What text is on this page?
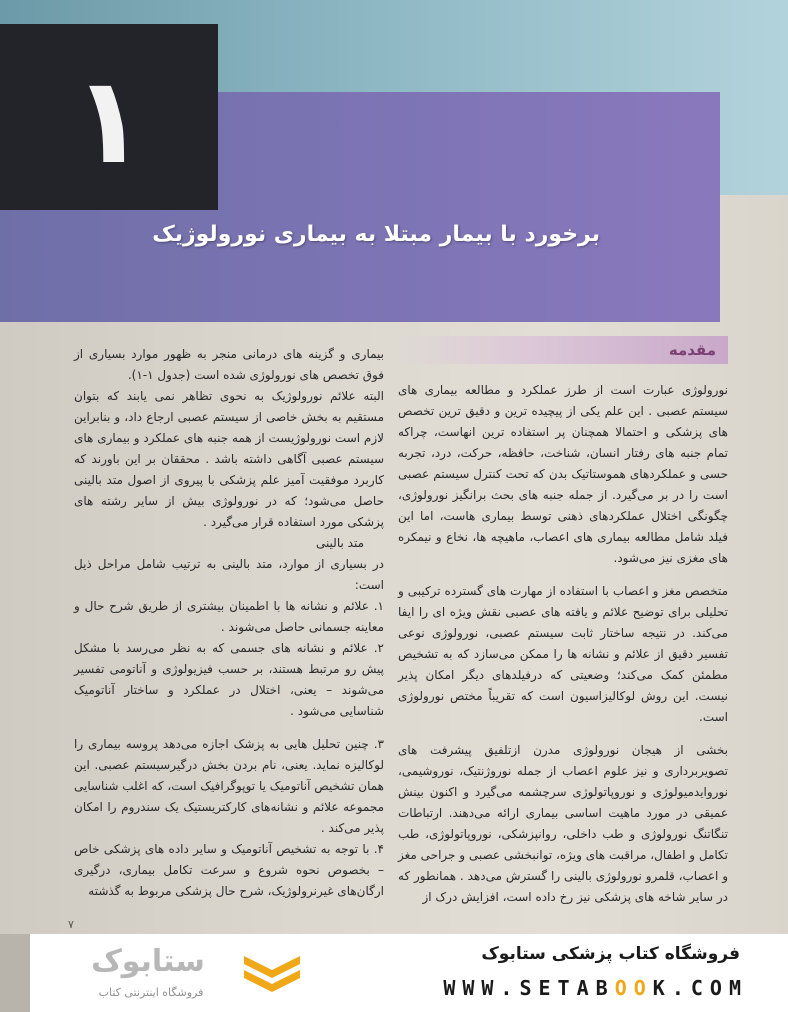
۱
برخورد با بیمار مبتلا به بیماری نورولوژیک
مقدمه

نورولوژی عبارت است از طرز عملکرد و مطالعه بیماری های سیستم عصبی . این علم یکی از پیچیده ترین و دقیق ترین تخصص های پزشکی و احتمالا همچنان پر استفاده ترین انهاست، چراکه تمام جنبه های رفتار انسان، شناخت، حافظه، حرکت، درد، تجربه حسی و عملکردهای هموستاتیک بدن که تحت کنترل سیستم عصبی است را در بر می‌گیرد. از جمله جنبه های بحث برانگیز نورولوژی، چگونگی اختلال عملکردهای ذهنی توسط بیماری هاست، اما این فیلد شامل مطالعه بیماری های اعصاب، ماهیچه ها، نخاع و نیمکره های مغزی نیز می‌شود.

متخصص مغز و اعصاب با استفاده از مهارت های گسترده ترکیبی و تحلیلی برای توضیح علائم و یافته های عصبی نقش ویژه ای را ایفا می‌کند. در نتیجه ساختار ثابت سیستم عصبی، نورولوژی نوعی تفسیر دقیق از علائم و نشانه ها را ممکن می‌سازد که به تشخیص مطمئن کمک می‌کند؛ وضعیتی که درفیلدهای دیگر امکان پذیر نیست. این روش لوکالیزاسیون است که تقریباً مختص نورولوژی است.

بخشی از هیجان نورولوژی مدرن ازتلفیق پیشرفت های تصویربرداری و نیز علوم اعصاب از جمله نوروژنتیک، نوروشیمی، نوروایدمیولوژی و نوروپاتولوژی سرچشمه می‌گیرد و اکنون بینش عمیقی در مورد ماهیت اساسی بیماری ارائه می‌دهند. ارتباطات تنگاتنگ نورولوژی و طب داخلی، روانپزشکی، نوروپاتولوژی، طب تکامل و اطفال، مراقبت های ویژه، توانبخشی عصبی و جراحی مغز و اعصاب، قلمرو نورولوژی بالینی را گسترش می‌دهد . همانطور که در سایر شاخه های پزشکی نیز رخ داده است، افزایش درک از

بیماری و گزینه های درمانی منجر به ظهور موارد بسیاری از فوق تخصص های نورولوژی شده است (جدول ۱-۱).

البته علائم نورولوژیک به نحوی تظاهر نمی یابند که بتوان مستقیم به بخش خاصی از سیستم عصبی ارجاع داد، و بنابراین لازم است نورولوژیست از همه جنبه های عملکرد و بیماری های سیستم عصبی آگاهی داشته باشد . محققان بر این باورند که کاربرد موفقیت آمیز علم پزشکی با پیروی از اصول متد بالینی حاصل می‌شود؛ که در نورولوژی بیش از سایر رشته های پزشکی مورد استفاده قرار می‌گیرد .

متد بالینی

در بسیاری از موارد، متد بالینی به ترتیب شامل مراحل ذیل است:

۱. علائم و نشانه ها با اطمینان بیشتری از طریق شرح حال و معاینه جسمانی حاصل می‌شوند .

۲. علائم و نشانه های جسمی که به نظر می‌رسد با مشکل پیش رو مرتبط هستند، بر حسب فیزیولوژی و آناتومی تفسیر می‌شوند – یعنی، اختلال در عملکرد و ساختار آناتومیک شناسایی می‌شود .

۳. چنین تحلیل هایی به پزشک اجازه می‌دهد پروسه بیماری را لوکالیزه نماید. یعنی، نام بردن بخش درگیرسیستم عصبی. این همان تشخیص آناتومیک یا توپوگرافیک است، که اغلب شناسایی مجموعه علائم و نشانه‌های کارکتریستیک یک سندروم را امکان پذیر می‌کند .

۴. با توجه به تشخیص آناتومیک و سایر داده های پزشکی خاص – بخصوص نحوه شروع و سرعت تکامل بیماری، درگیری ارگان‌های غیرنرولوژیک، شرح حال پزشکی مربوط به گذشته

۷
ستابوک
فروشگاه اینترنتی کتاب
فروشگاه کتاب پزشکی ستابوک
WWW.SETABOOK.COM
